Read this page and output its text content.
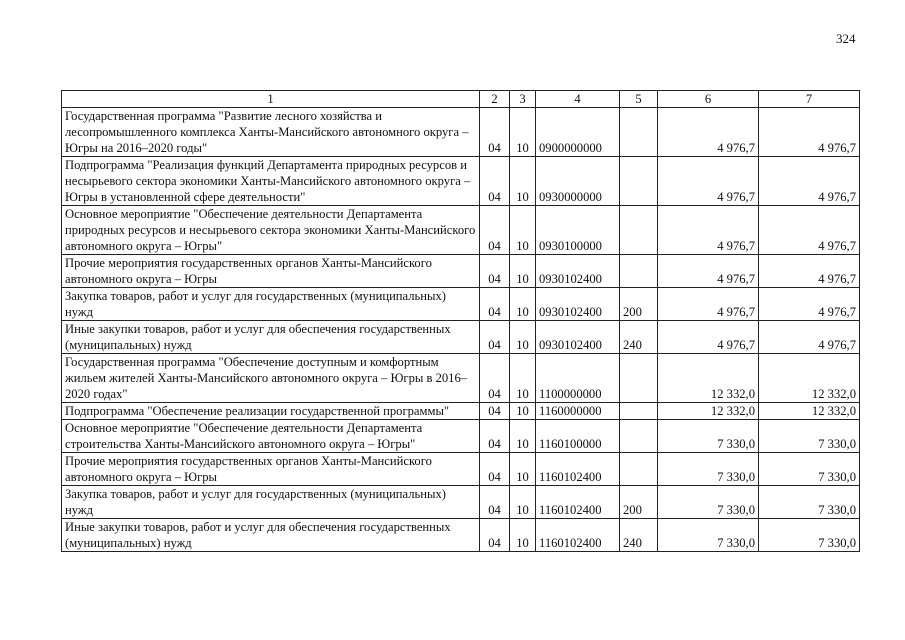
324
1	2	3	4	5	6	7
Государственная программа "Развитие лесного хозяйства и лесопромышленного комплекса Ханты-Мансийского автономного округа – Югры на 2016–2020 годы"	04	10	0900000000		4 976,7	4 976,7
Подпрограмма "Реализация функций Департамента природных ресурсов и несырьевого сектора экономики Ханты-Мансийского автономного округа – Югры в установленной сфере деятельности"	04	10	0930000000		4 976,7	4 976,7
Основное мероприятие "Обеспечение деятельности Департамента природных ресурсов и несырьевого сектора экономики Ханты-Мансийского автономного округа – Югры"	04	10	0930100000		4 976,7	4 976,7
Прочие мероприятия государственных органов Ханты-Мансийского автономного округа – Югры	04	10	0930102400		4 976,7	4 976,7
Закупка товаров, работ и услуг для государственных (муниципальных) нужд	04	10	0930102400	200	4 976,7	4 976,7
Иные закупки товаров, работ и услуг для обеспечения государственных (муниципальных) нужд	04	10	0930102400	240	4 976,7	4 976,7
Государственная программа "Обеспечение доступным и комфортным жильем жителей Ханты-Мансийского автономного округа – Югры в 2016–2020 годах"	04	10	1100000000		12 332,0	12 332,0
Подпрограмма "Обеспечение реализации государственной программы"	04	10	1160000000		12 332,0	12 332,0
Основное мероприятие "Обеспечение деятельности Департамента строительства Ханты-Мансийского автономного округа – Югры"	04	10	1160100000		7 330,0	7 330,0
Прочие мероприятия государственных органов Ханты-Мансийского автономного округа – Югры	04	10	1160102400		7 330,0	7 330,0
Закупка товаров, работ и услуг для государственных (муниципальных) нужд	04	10	1160102400	200	7 330,0	7 330,0
Иные закупки товаров, работ и услуг для обеспечения государственных (муниципальных) нужд	04	10	1160102400	240	7 330,0	7 330,0
